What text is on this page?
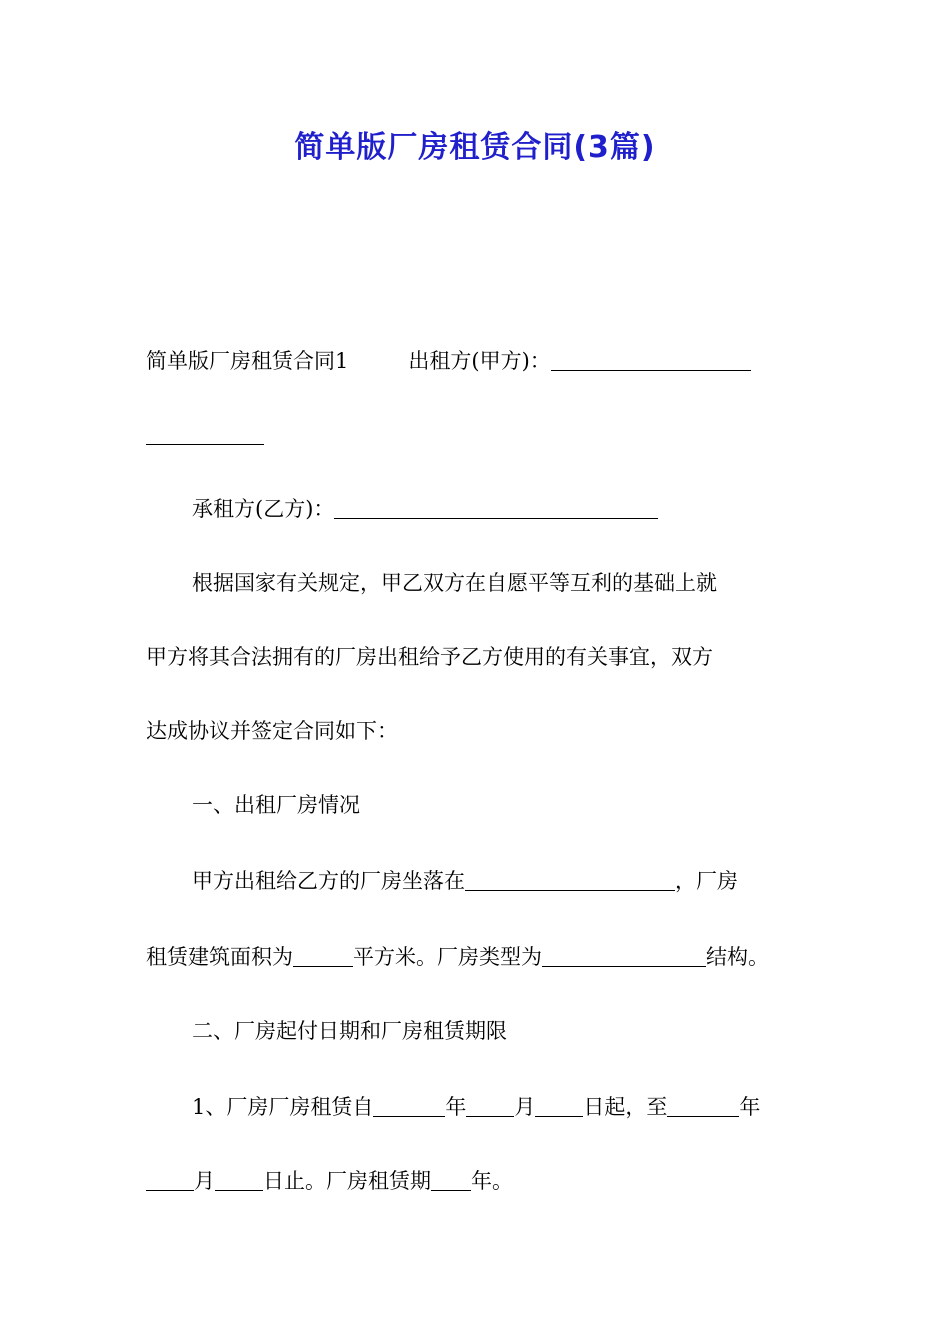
简单版厂房租赁合同(3篇)
简单版厂房租赁合同1	出租方(甲方)：
承租方(乙方)：
根据国家有关规定，甲乙双方在自愿平等互利的基础上就
甲方将其合法拥有的厂房出租给予乙方使用的有关事宜，双方
达成协议并签定合同如下：
一、出租厂房情况
甲方出租给乙方的厂房坐落在	，厂房
租赁建筑面积为	平方米。厂房类型为	结构。
二、厂房起付日期和厂房租赁期限
1、厂房厂房租赁自	年 月 日起，至	年
月 日止。厂房租赁期 年。
